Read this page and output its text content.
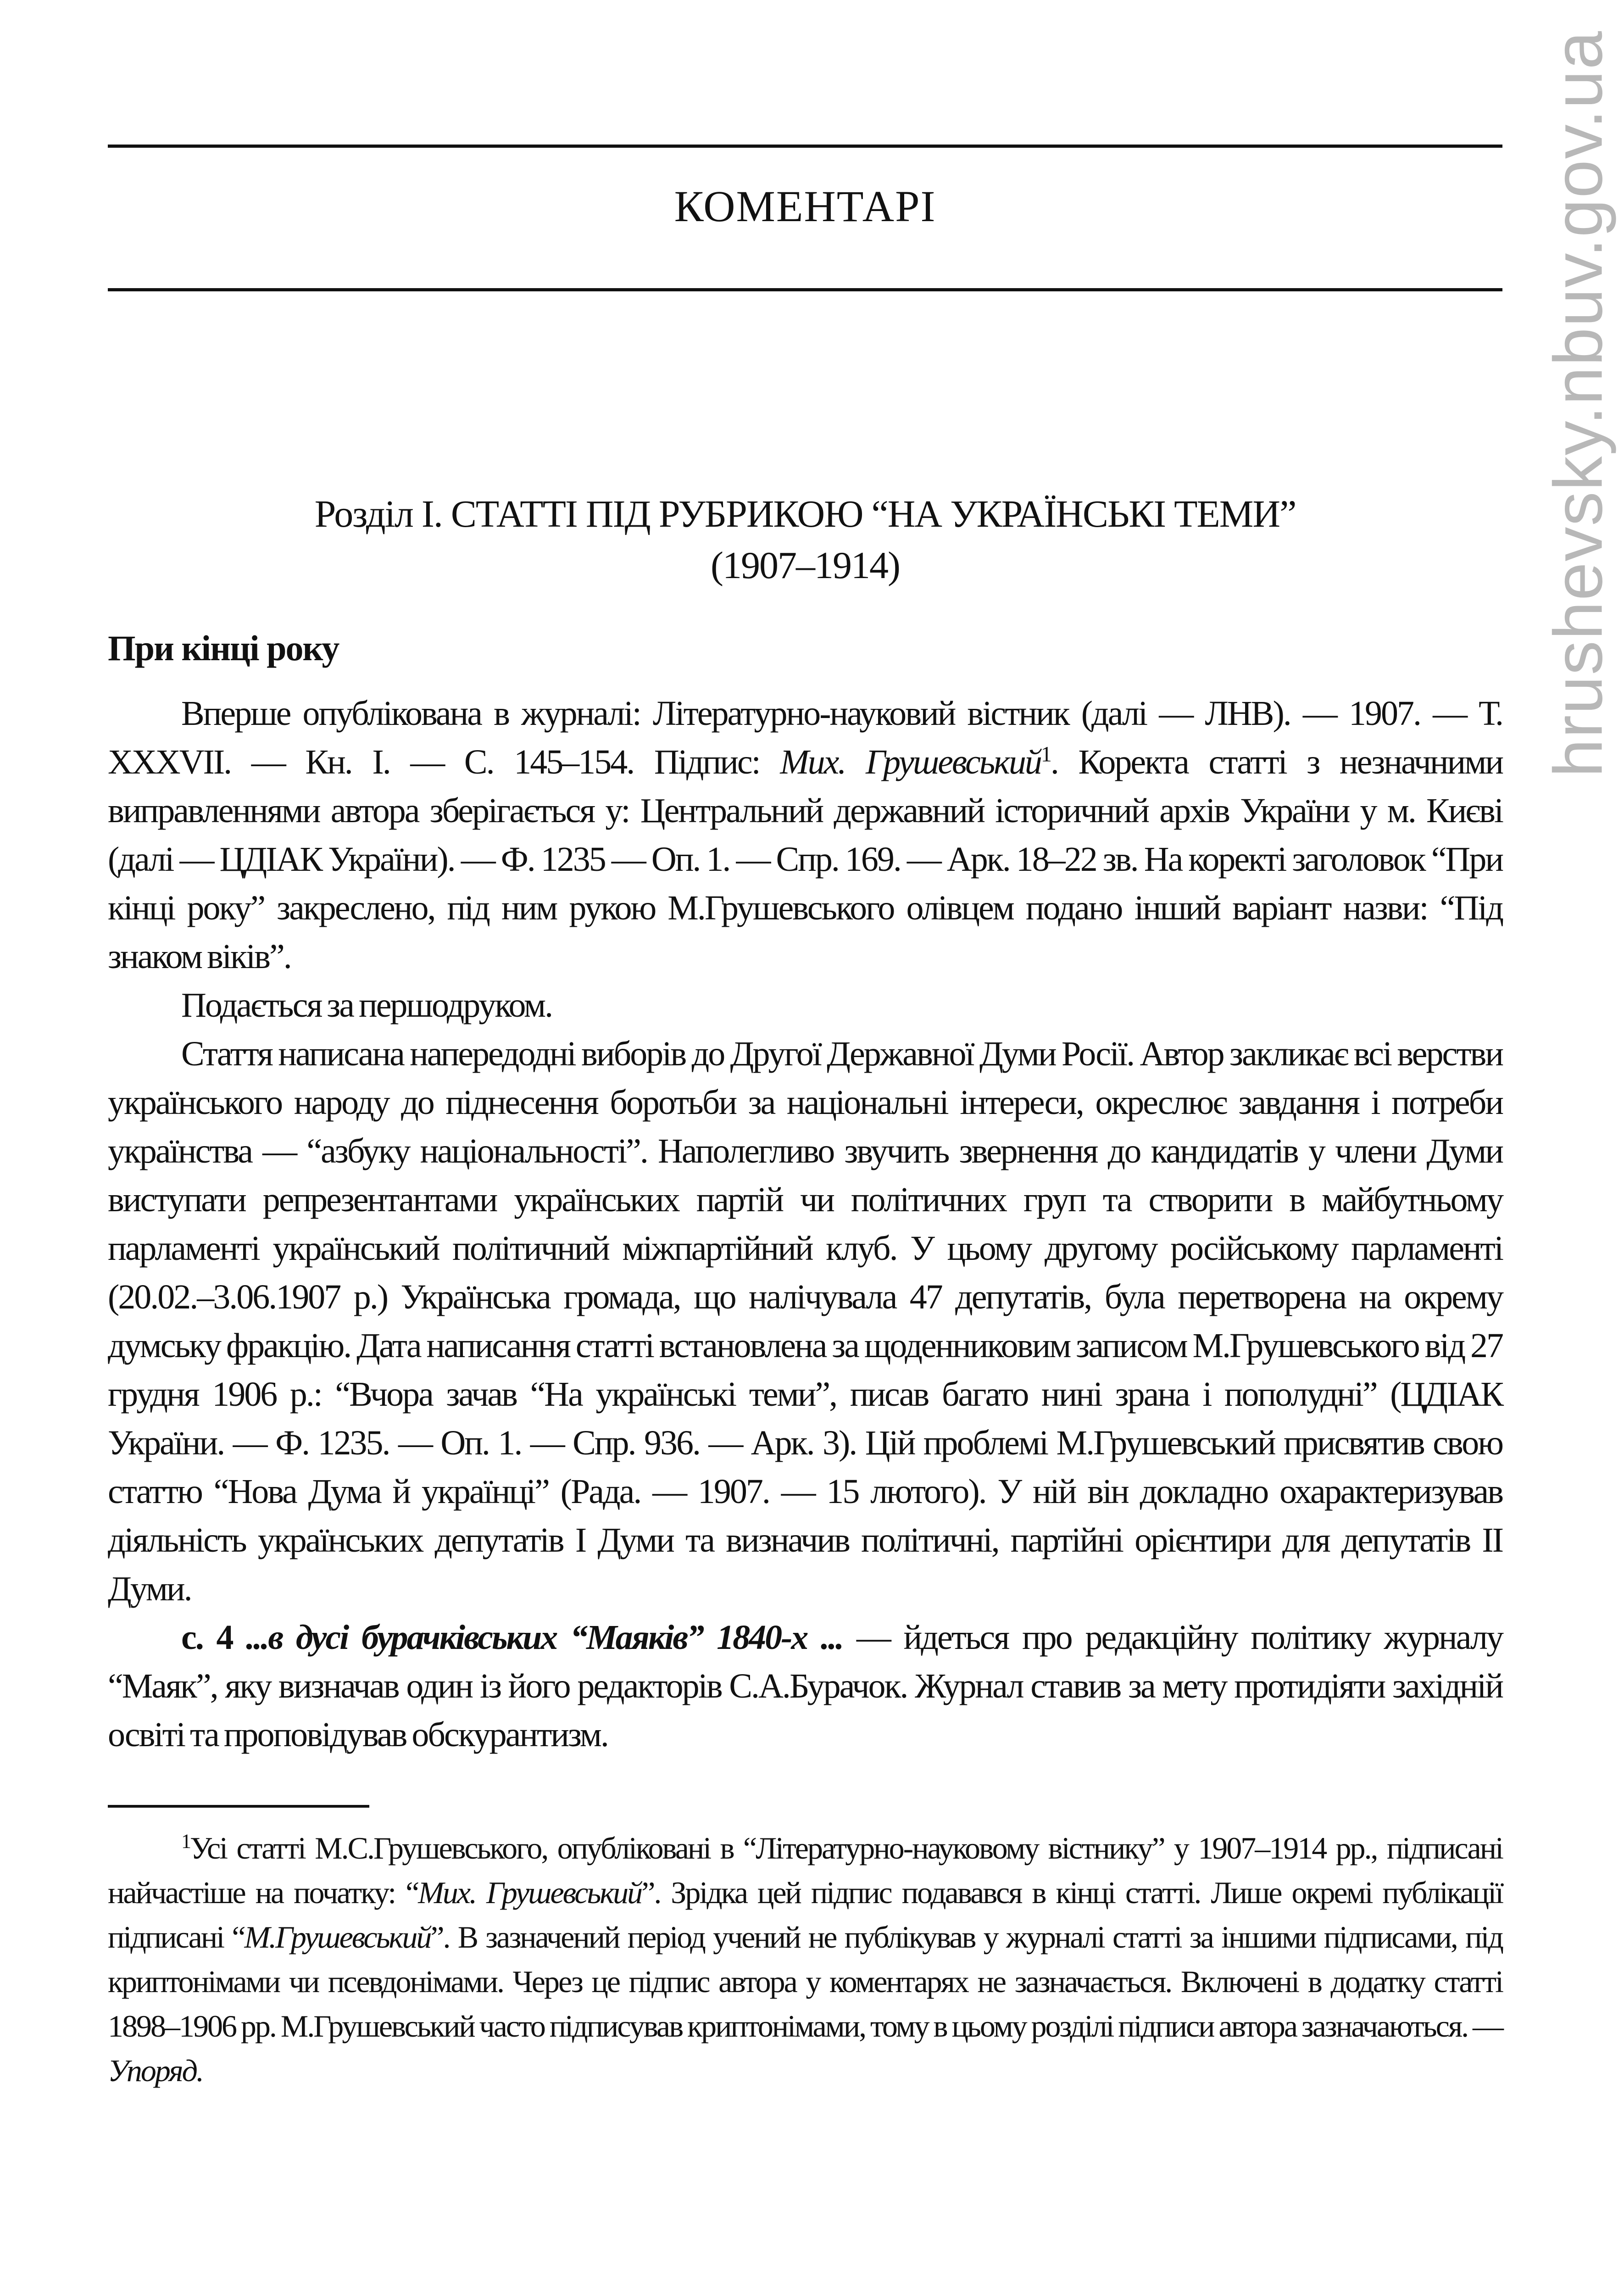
hrushevsky.nbuv.gov.ua
КОМЕНТАРІ
Розділ I. СТАТТІ ПІД РУБРИКОЮ “НА УКРАЇНСЬКІ ТЕМИ”
(1907–1914)
При кінці року

Вперше опублікована в журналі: Літературно-науковий вістник (далі — ЛНВ). — 1907. — Т. XXXVII. — Кн. I. — С. 145–154. Підпис: Мих. Грушевський$^1$. Коректа статті з незначними виправленнями автора зберігається у: Центральний державний історичний архів України у м. Києві (далі — ЦДІАК України). — Ф. 1235 — Оп. 1. — Спр. 169. — Арк. 18–22 зв. На коректі заголовок “При кінці року” закреслено, під ним рукою М.Грушевського олівцем подано інший варіант назви: “Під знаком віків”.

Подається за першодруком.

Стаття написана напередодні виборів до Другої Державної Думи Росії. Автор закликає всі верстви українського народу до піднесення боротьби за національні інтереси, окреслює завдання і потреби українства — “азбуку національності”. Наполегливо звучить звернення до кандидатів у члени Думи виступати репрезентантами українських партій чи політичних груп та створити в майбутньому парламенті український політичний міжпартійний клуб. У цьому другому російському парламенті (20.02.–3.06.1907 р.) Українська громада, що налічувала 47 депутатів, була перетворена на окрему думську фракцію. Дата написання статті встановлена за щоденниковим записом М.Грушевського від 27 грудня 1906 р.: “Вчора зачав “На українські теми”, писав багато нині зрана і пополудні” (ЦДІАК України. — Ф. 1235. — Оп. 1. — Спр. 936. — Арк. 3). Цій проблемі М.Грушевський присвятив свою статтю “Нова Дума й українці” (Рада. — 1907. — 15 лютого). У ній він докладно охарактеризував діяльність українських депутатів I Думи та визначив політичні, партійні орієнтири для депутатів II Думи.

с. 4 ...в дусі бурачківських “Маяків” 1840-х ... — йдеться про редакційну політику журналу “Маяк”, яку визначав один із його редакторів С.А.Бурачок. Журнал ставив за мету протидіяти західній освіті та проповідував обскурантизм.

$^1$Усі статті М.С.Грушевського, опубліковані в “Літературно-науковому вістнику” у 1907–1914 рр., підписані найчастіше на початку: “Мих. Грушевський”. Зрідка цей підпис подавався в кінці статті. Лише окремі публікації підписані “М.Грушевський”. В зазначений період учений не публікував у журналі статті за іншими підписами, під криптонімами чи псевдонімами. Через це підпис автора у коментарях не зазначається. Включені в додатку статті 1898–1906 рр. М.Грушевський часто підписував криптонімами, тому в цьому розділі підписи автора зазначаються. — Упоряд.
